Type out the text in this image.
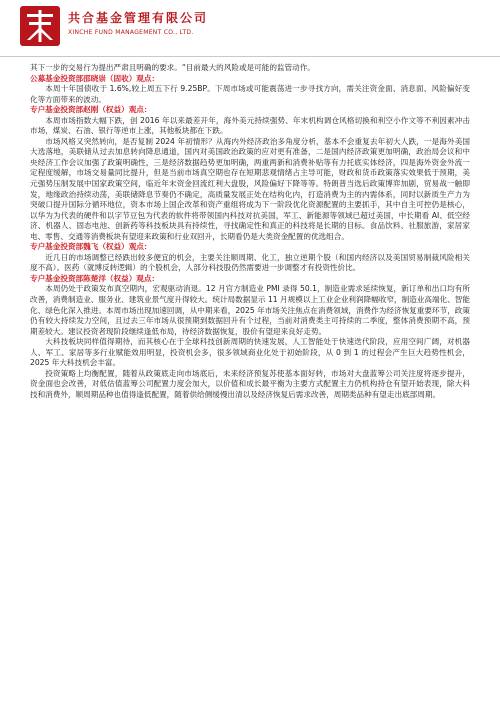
共合基金管理有限公司
XINCHE FUND MANAGEMENT CO., LTD.

其下一步的交易行为提出严肃且明确的要求。“目前最大的风险或是可能的监管动作。

公募基金投资部邵晓崇（固收）观点：

本周十年国债收于 1.6%,较上周五下行 9.25BP。下周市场或可能震荡进一步寻找方向，需关注资金面、消息面、风险偏好变化等方面带来的波动。

专户基金投资部赵刚（权益）观点：

本周市场指数大幅下跌，创 2016 年以来最差开年，海外美元持续强势、年末机构调仓风格切换和利空小作文等不利因素冲击市场，煤炭、石油、银行等逆市上涨，其他板块都在下跌。

市场风格又突然转向，是否复制 2024 年初情形？从海内外经济政治多角度分析，基本不会重复去年初大人跌，一是海外美国大选落地，美联储从过去加息转向降息通道，国内对美国政治政策的应对更有准备，二是国内经济政策更加明确，政治局会议和中央经济工作会议加强了政策明确性，三是经济数据趋势更加明确，两重两新和消费补贴等有力托底实体经济，四是海外资金外流一定程度缓解，市场交易量同比提升，但是当前市场真空期也存在短期悲观情绪占主导可能，财政和货币政策落实效果低于预期，美元强势压制发展中国家政策空间，临近年末资金回流红利大盘股，风险偏好下降等等。特朗普当选后政策博弈加剧，贸易战一触即发，地缘政治持续动荡，美联储降息节奏仍不确定，高质量发展正处在结构化内，打造消费为主的内需体系，同时以新质生产力为突破口提升国际分循环地位，资本市场上国企改革和资产重组将成为下一阶段优化资源配置的主要抓手，其中自主可控仍是核心，以华为为代表的硬件和以字节豆包为代表的软件将带领国内科技对抗美国，军工、新能源等领域已超过美国，中长期看 AI、低空经济、机器人、固态电池、创新药等科技板块具有持续性，寻找确定性和真正的科技将是长期的目标。食品饮料、社服旅游，家居家电、零售、交通等消费板块有望迎来政策和行业双回升，长期看仍是大类资金配置的优选组合。

专户基金投资部魏飞（权益）观点：

近几日的市场调整已经跌出较多便宜的机会，主要关注顺周期、化工，独立逆期个股（和国内经济以及美国贸易制裁风险相关度不高）。医药（就博反转逻辑）的个股机会，人部分科技股仍然需要进一步调整才有投资性价比。

专户基金投资部陈楚洋（权益）观点：

本周仍处于政策发布真空期内，宏观驱动消退。12 月官方制造业 PMI 录得 50.1，制造业需求延续恢复，新订单和出口均有所改善，消费制造业、服务业、建筑业景气度升得较大。统计局数据显示 11 月规模以上工业企业利润降幅收窄，制造业高端化、智能化、绿色化深入推进。本周市场出现加速回调，从中期来看，2025 年市场关注焦点在消费领域，消费作为经济恢复重要环节，政策仍有较大持续发力空间，且过去三年市场从很预期到数据回升有个过程，当前对消费类主可持续的二季度，整体消费预期不高，预期差较大。建议投资者现阶段继续逢低布局，待经济数据恢复，股价有望迎来良好走势。

大科技板块同样值得期待，而其核心在于全球科技创新周期的快速发展，人工智能处于快速迭代阶段，应用空间广阔，对机器人、军工、家居等多行业赋能效用明显，投资机会多，很多领域商业化处于初始阶段，从 0 到 1 的过程会产生巨大趋势性机会，2025 年大科技机会丰富。

投资策略上均衡配置，随着从政策底走向市场底后，未来经济预复苏使基本面好转，市场对大盘蓝筹公司关注度将逐步提升，资金面也会改善，对低估值蓝筹公司配置力度会加大，以价值和成长最平衡为主要方式配置主力仍机构持仓有望开始表现，除大科技和消费外，顺周期品种也值得逢低配置，随着供给侧缓慢出清以及经济恢复后需求改善，周期类品种有望走出底部周期。
